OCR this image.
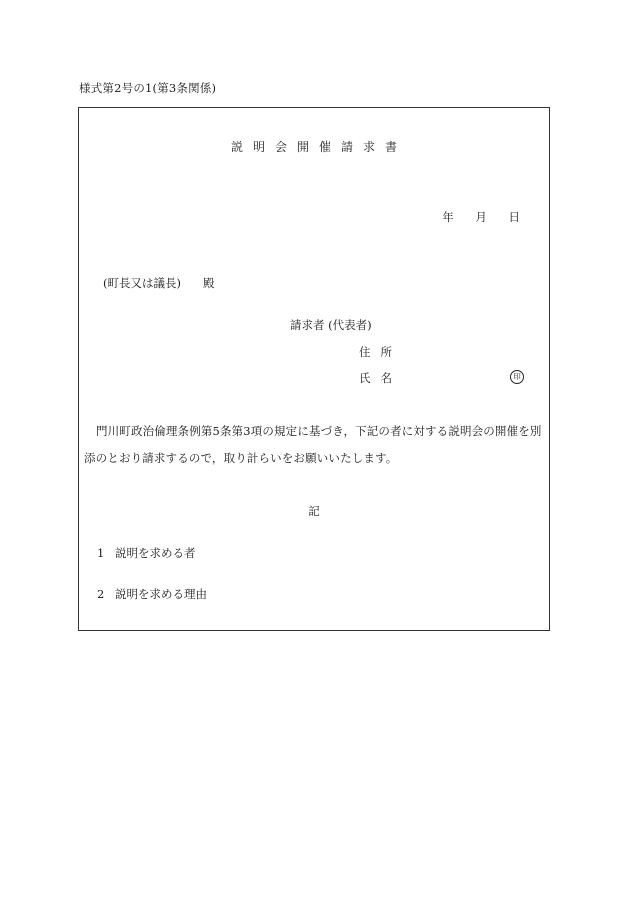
様式第2号の1(第3条関係)
説明会開催請求書
年 月 日
(町長又は議長) 殿
請求者 (代表者)
住所
氏名	印
門川町政治倫理条例第5条第3項の規定に基づき，下記の者に対する説明会の開催を別添のとおり請求するので，取り計らいをお願いいたします。
記
1 説明を求める者
2 説明を求める理由
